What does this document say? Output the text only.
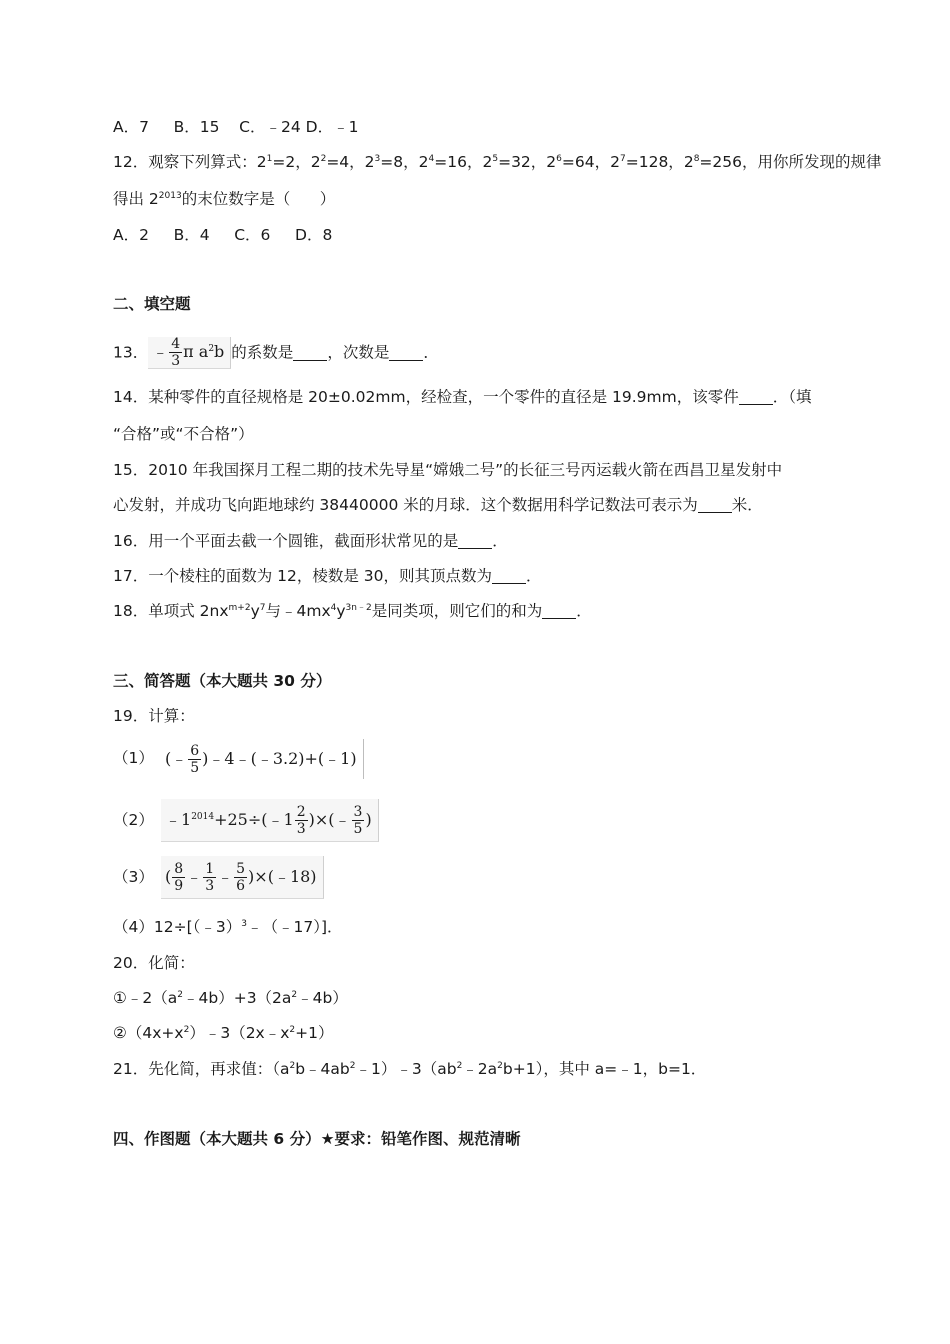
A．7     B．15    C．﹣24 D．﹣1
12．观察下列算式：$2^1=2$，$2^2=4$，$2^3=8$，$2^4=16$，$2^5=32$，$2^6=64$，$2^7=128$，$2^8=256$，用你所发现的规律
得出 $2^{2013}$的末位数字是（      ）
A．2     B．4     C．6     D．8
二、填空题
13． ﹣ $\frac{4}{3}$ π $a^2b$ 的系数是 ，次数是 ．
14．某种零件的直径规格是 20±0.02mm，经检查，一个零件的直径是 19.9mm，该零件 ．（填
“合格”或“不合格”）
15．2010 年我国探月工程二期的技术先导星“嫦娥二号”的长征三号丙运载火箭在西昌卫星发射中
心发射，并成功飞向距地球约 38440000 米的月球．这个数据用科学记数法可表示为 米．
16．用一个平面去截一个圆锥，截面形状常见的是 ．
17．一个棱柱的面数为 12，棱数是 30，则其顶点数为 ．
18．单项式 $2nx^{m+2}y^7$与$﹣4mx^4y^{3n﹣2}$是同类项，则它们的和为 ．
三、简答题（本大题共 30 分）
19．计算：
（1） (﹣ $\frac{6}{5}$ )﹣4﹣(﹣3.2)+(﹣1)
（2） $﹣1^{2014}+25\div(﹣1 \frac{2}{3}$ )×(﹣ $\frac{3}{5}$ )
（3） ( $\frac{8}{9}$ ﹣ $\frac{1}{3}$ ﹣ $\frac{5}{6}$ )×(﹣18)
（4）12÷[（﹣3）$^3$﹣（﹣17）]．
20．化简：
$①﹣2(a^2﹣4b)+3(2a^2﹣4b)$
$②(4x+x^2)﹣3(2x﹣x^2+1)$
21．先化简，再求值：$(a^2b﹣4ab^2﹣1)﹣3(ab^2﹣2a^2b+1)$，其中 a=﹣1，b=1．
四、作图题（本大题共 6 分）★要求：铅笔作图、规范清晰
